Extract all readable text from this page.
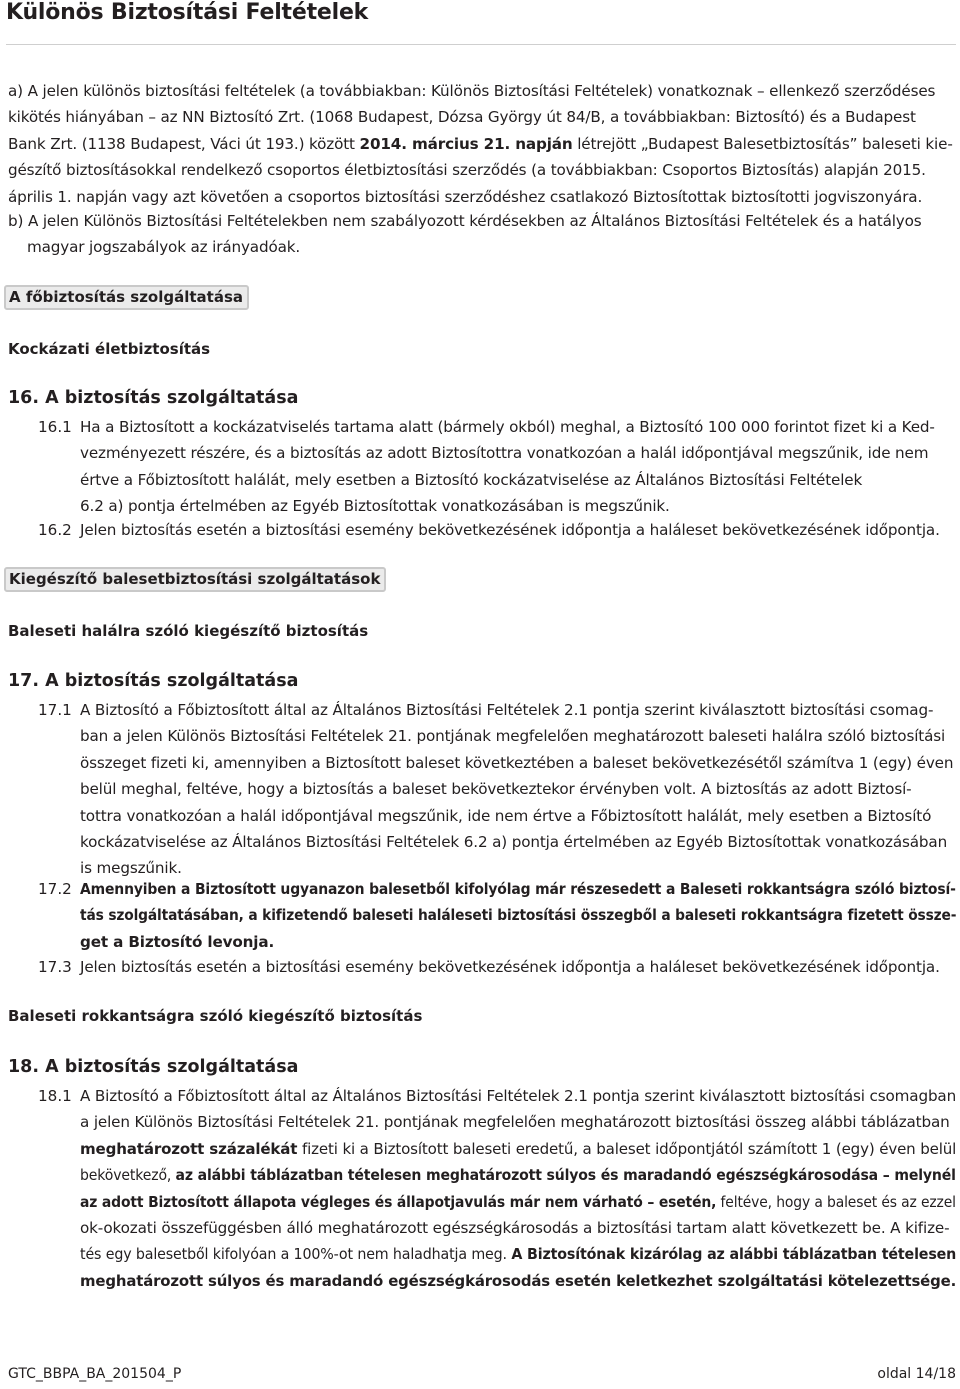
Különös Biztosítási Feltételek
a) A jelen különös biztosítási feltételek (a továbbiakban: Különös Biztosítási Feltételek) vonatkoznak – ellenkező szerződéses
kikötés hiányában – az NN Biztosító Zrt. (1068 Budapest, Dózsa György út 84/B, a továbbiakban: Biztosító) és a Budapest
Bank Zrt. (1138 Budapest, Váci út 193.) között 2014. március 21. napján létrejött „Budapest Balesetbiztosítás” baleseti kie-
gészítő biztosításokkal rendelkező csoportos életbiztosítási szerződés (a továbbiakban: Csoportos Biztosítás) alapján 2015.
április 1. napján vagy azt követően a csoportos biztosítási szerződéshez csatlakozó Biztosítottak biztosítotti jogviszonyára.
b) A jelen Különös Biztosítási Feltételekben nem szabályozott kérdésekben az Általános Biztosítási Feltételek és a hatályos
magyar jogszabályok az irányadóak.
A főbiztosítás szolgáltatása
Kockázati életbiztosítás
16. A biztosítás szolgáltatása
16.1 Ha a Biztosított a kockázatviselés tartama alatt (bármely okból) meghal, a Biztosító 100 000 forintot fizet ki a Ked-
vezményezett részére, és a biztosítás az adott Biztosítottra vonatkozóan a halál időpontjával megszűnik, ide nem
értve a Főbiztosított halálát, mely esetben a Biztosító kockázatviselése az Általános Biztosítási Feltételek
6.2 a) pontja értelmében az Egyéb Biztosítottak vonatkozásában is megszűnik.
16.2 Jelen biztosítás esetén a biztosítási esemény bekövetkezésének időpontja a haláleset bekövetkezésének időpontja.
Kiegészítő balesetbiztosítási szolgáltatások
Baleseti halálra szóló kiegészítő biztosítás
17. A biztosítás szolgáltatása
17.1 A Biztosító a Főbiztosított által az Általános Biztosítási Feltételek 2.1 pontja szerint kiválasztott biztosítási csomag-
ban a jelen Különös Biztosítási Feltételek 21. pontjának megfelelően meghatározott baleseti halálra szóló biztosítási
összeget fizeti ki, amennyiben a Biztosított baleset következtében a baleset bekövetkezésétől számítva 1 (egy) éven
belül meghal, feltéve, hogy a biztosítás a baleset bekövetkeztekor érvényben volt. A biztosítás az adott Biztosí-
tottra vonatkozóan a halál időpontjával megszűnik, ide nem értve a Főbiztosított halálát, mely esetben a Biztosító
kockázatviselése az Általános Biztosítási Feltételek 6.2 a) pontja értelmében az Egyéb Biztosítottak vonatkozásában
is megszűnik.
17.2 Amennyiben a Biztosított ugyanazon balesetből kifolyólag már részesedett a Baleseti rokkantságra szóló biztosí-
tás szolgáltatásában, a kifizetendő baleseti haláleseti biztosítási összegből a baleseti rokkantságra fizetett össze-
get a Biztosító levonja.
17.3 Jelen biztosítás esetén a biztosítási esemény bekövetkezésének időpontja a haláleset bekövetkezésének időpontja.
Baleseti rokkantságra szóló kiegészítő biztosítás
18. A biztosítás szolgáltatása
18.1 A Biztosító a Főbiztosított által az Általános Biztosítási Feltételek 2.1 pontja szerint kiválasztott biztosítási csomagban
a jelen Különös Biztosítási Feltételek 21. pontjának megfelelően meghatározott biztosítási összeg alábbi táblázatban
meghatározott százalékát fizeti ki a Biztosított baleseti eredetű, a baleset időpontjától számított 1 (egy) éven belül
bekövetkező, az alábbi táblázatban tételesen meghatározott súlyos és maradandó egészségkárosodása – melynél
az adott Biztosított állapota végleges és állapotjavulás már nem várható – esetén, feltéve, hogy a baleset és az ezzel
ok-okozati összefüggésben álló meghatározott egészségkárosodás a biztosítási tartam alatt következett be. A kifize-
tés egy balesetből kifolyóan a 100%-ot nem haladhatja meg. A Biztosítónak kizárólag az alábbi táblázatban tételesen
meghatározott súlyos és maradandó egészségkárosodás esetén keletkezhet szolgáltatási kötelezettsége.
GTC_BBPA_BA_201504_P	oldal 14/18
